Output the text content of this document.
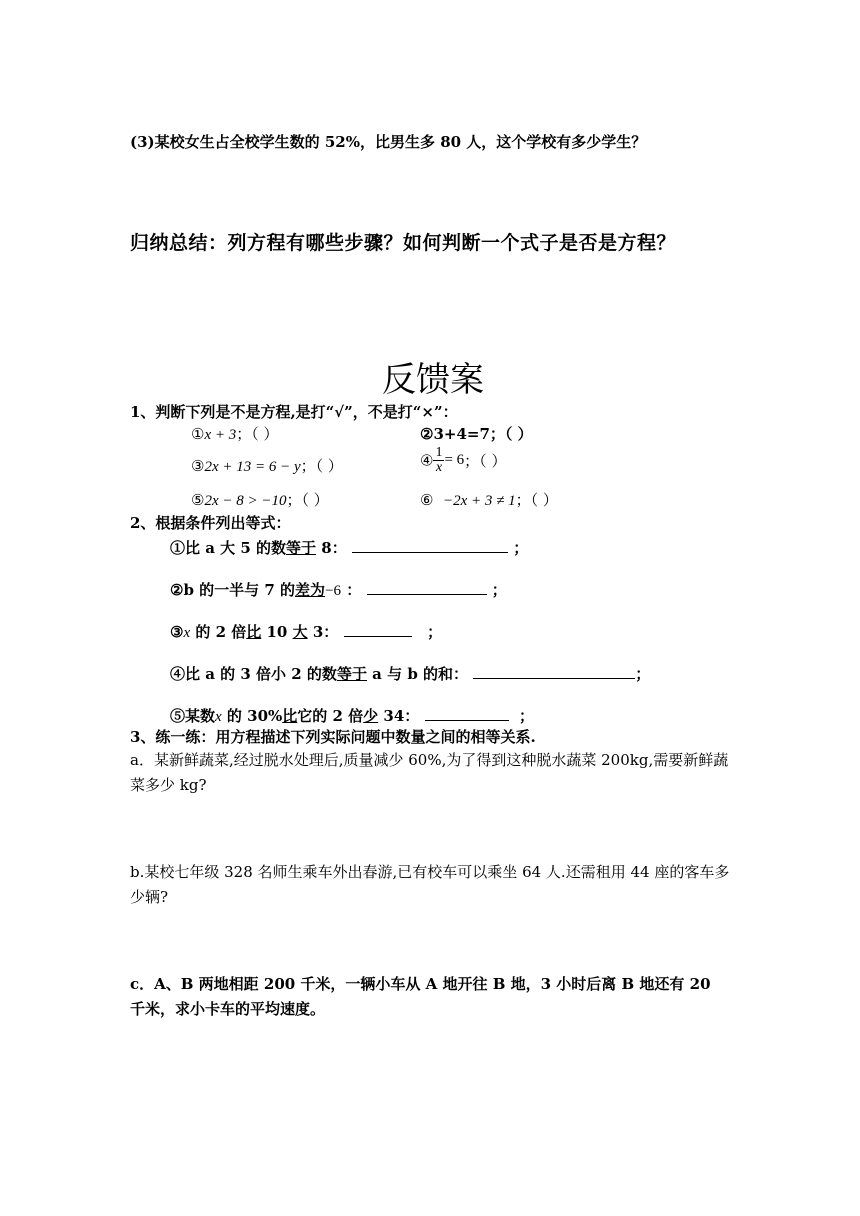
(3)某校女生占全校学生数的 52%，比男生多 80 人，这个学校有多少学生？
归纳总结：列方程有哪些步骤？如何判断一个式子是否是方程？
反馈案
1、判断下列是不是方程,是打“√”，不是打“×”：
①x + 3；（ ）	②3+4=7；（ ）
③2x + 13 = 6 − y；（ ）	④ $\frac{1}{x} = 6$；（ ）
⑤2x − 8 > −10；（ ）	⑥ −2x + 3 ≠ 1；（ ）
2、根据条件列出等式：
①比 a 大 5 的数等于 8：	；
②b 的一半与 7 的差为−6 ：	；
③x 的 2 倍比 10 大 3：	；
④比 a 的 3 倍小 2 的数等于 a 与 b 的和：	；
⑤某数x 的 30%比它的 2 倍少 34：	；
3、练一练：用方程描述下列实际问题中数量之间的相等关系.
a．某新鲜蔬菜,经过脱水处理后,质量减少 60%,为了得到这种脱水蔬菜 200kg,需要新鲜蔬菜多少 kg?
b.某校七年级 328 名师生乘车外出春游,已有校车可以乘坐 64 人.还需租用 44 座的客车多少辆?
c．A、B 两地相距 200 千米，一辆小车从 A 地开往 B 地，3 小时后离 B 地还有 20 千米，求小卡车的平均速度。
